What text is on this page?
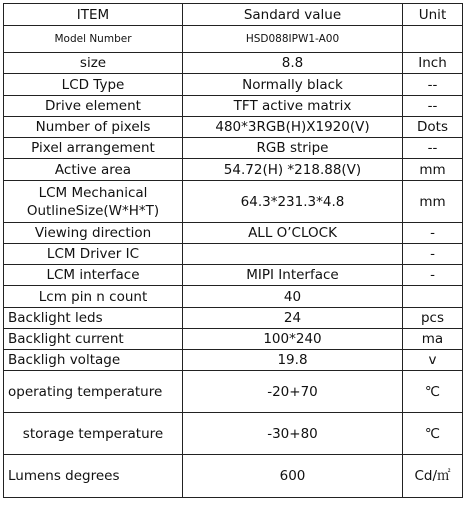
ITEM	Sandard value	Unit
Model Number	HSD088IPW1-A00	
size	8.8	Inch
LCD Type	Normally black	--
Drive element	TFT active matrix	--
Number of pixels	480*3RGB(H)X1920(V)	Dots
Pixel arrangement	RGB stripe	--
Active area	54.72(H) *218.88(V)	mm
LCM Mechanical
OutlineSize(W*H*T)	64.3*231.3*4.8	mm
Viewing direction	ALL O’CLOCK	-
LCM Driver IC		-
LCM interface	MIPI Interface	-
Lcm pin n count	40	
Backlight leds	24	pcs
Backlight current	100*240	ma
Backligh voltage	19.8	v
operating temperature	-20+70	℃
storage temperature	-30+80	℃
Lumens degrees	600	Cd/㎡
